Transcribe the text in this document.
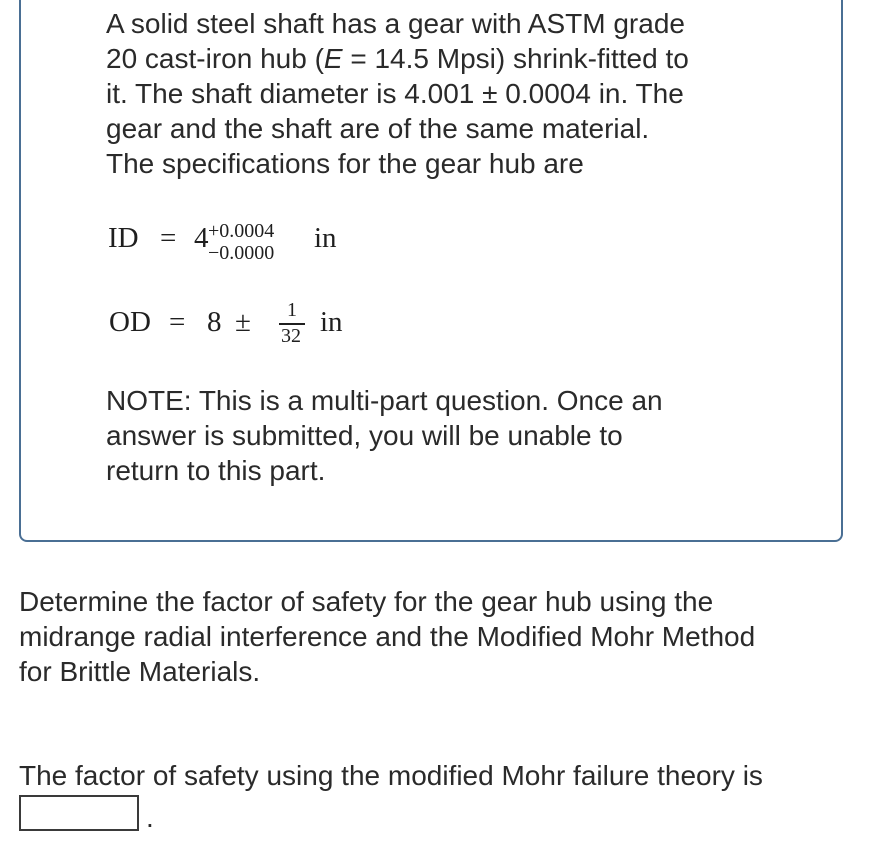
A solid steel shaft has a gear with ASTM grade
20 cast-iron hub (E = 14.5 Mpsi) shrink-fitted to
it. The shaft diameter is 4.001 ± 0.0004 in. The
gear and the shaft are of the same material.
The specifications for the gear hub are
ID = 4 +0.0004
−0.0000 in
OD = 8 ± 1
32 in
NOTE: This is a multi-part question. Once an
answer is submitted, you will be unable to
return to this part.
Determine the factor of safety for the gear hub using the
midrange radial interference and the Modified Mohr Method
for Brittle Materials.
The factor of safety using the modified Mohr failure theory is
.
